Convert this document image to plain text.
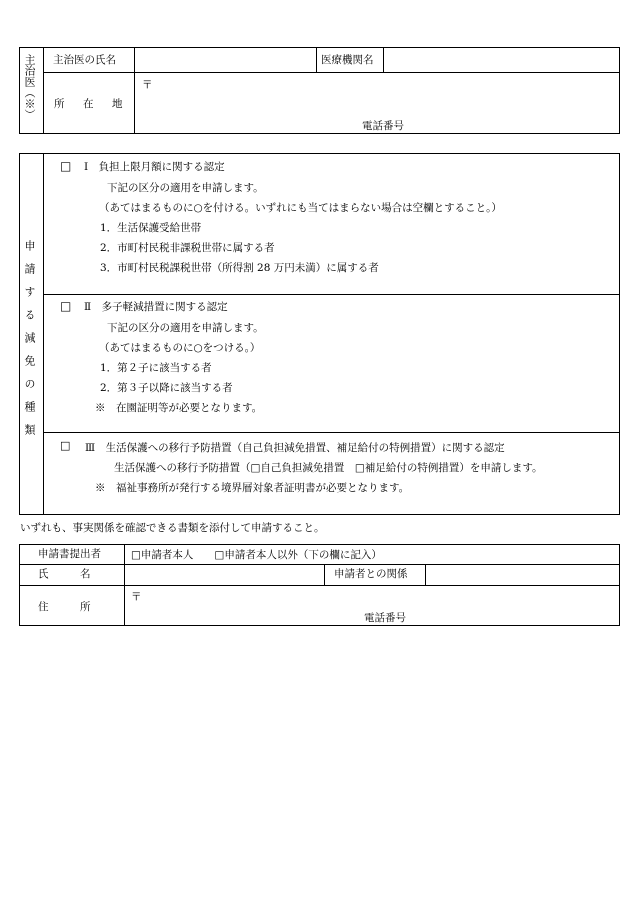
主治医（※） 主治医の氏名	医療機関名
所　在　地
〒
電話番号
申請する減免の種類
□ Ⅰ　負担上限月額に関する認定
下記の区分の適用を申請します。
（あてはまるものに○を付ける。いずれにも当てはまらない場合は空欄とすること。）
1．生活保護受給世帯
2．市町村民税非課税世帯に属する者
3．市町村民税課税世帯（所得割 28 万円未満）に属する者
□ Ⅱ　多子軽減措置に関する認定
下記の区分の適用を申請します。
（あてはまるものに○をつける。）
1．第２子に該当する者
2．第３子以降に該当する者
※　在園証明等が必要となります。
□ Ⅲ　生活保護への移行予防措置（自己負担減免措置、補足給付の特例措置）に関する認定
生活保護への移行予防措置（□自己負担減免措置　□補足給付の特例措置）を申請します。
※　福祉事務所が発行する境界層対象者証明書が必要となります。
いずれも、事実関係を確認できる書類を添付して申請すること。
申請書提出者	□申請者本人　　□申請者本人以外（下の欄に記入）
氏　　　名	申請者との関係
住　　　所
〒
電話番号
